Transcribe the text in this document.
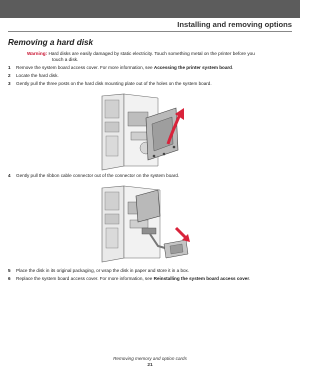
Installing and removing options
Removing a hard disk
Warning: Hard disks are easily damaged by static electricity. Touch something metal on the printer before you
touch a disk.
1 Remove the system board access cover. For more information, see Accessing the printer system board.
2 Locate the hard disk.
3 Gently pull the three posts on the hard disk mounting plate out of the holes on the system board.
4 Gently pull the ribbon cable connector out of the connector on the system board.
5 Place the disk in its original packaging, or wrap the disk in paper and store it in a box.
6 Replace the system board access cover. For more information, see Reinstalling the system board access cover.
Removing memory and option cards
21
